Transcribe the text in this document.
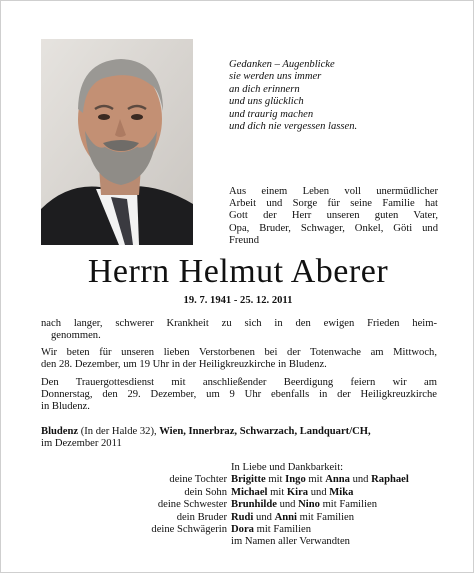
Gedanken – Augenblicke
sie werden uns immer
an dich erinnern
und uns glücklich
und traurig machen
und dich nie vergessen lassen.
Aus einem Leben voll unermüdlicher
Arbeit und Sorge für seine Familie hat
Gott der Herr unseren guten Vater,
Opa, Bruder, Schwager, Onkel, Göti und
Freund
Herrn Helmut Aberer
19. 7. 1941 - 25. 12. 2011
nach langer, schwerer Krankheit zu sich in den ewigen Frieden heim-
genommen.
Wir beten für unseren lieben Verstorbenen bei der Totenwache am Mittwoch,
den 28. Dezember, um 19 Uhr in der Heiligkreuzkirche in Bludenz.
Den Trauergottesdienst mit anschließender Beerdigung feiern wir am
Donnerstag, den 29. Dezember, um 9 Uhr ebenfalls in der Heiligkreuzkirche
in Bludenz.
Bludenz (In der Halde 32), Wien, Innerbraz, Schwarzach, Landquart/CH,
im Dezember 2011
In Liebe und Dankbarkeit:
deine Tochter Brigitte mit Ingo mit Anna und Raphael
dein Sohn Michael mit Kira und Mika
deine Schwester Brunhilde und Nino mit Familien
dein Bruder Rudi und Anni mit Familien
deine Schwägerin Dora mit Familien
im Namen aller Verwandten
